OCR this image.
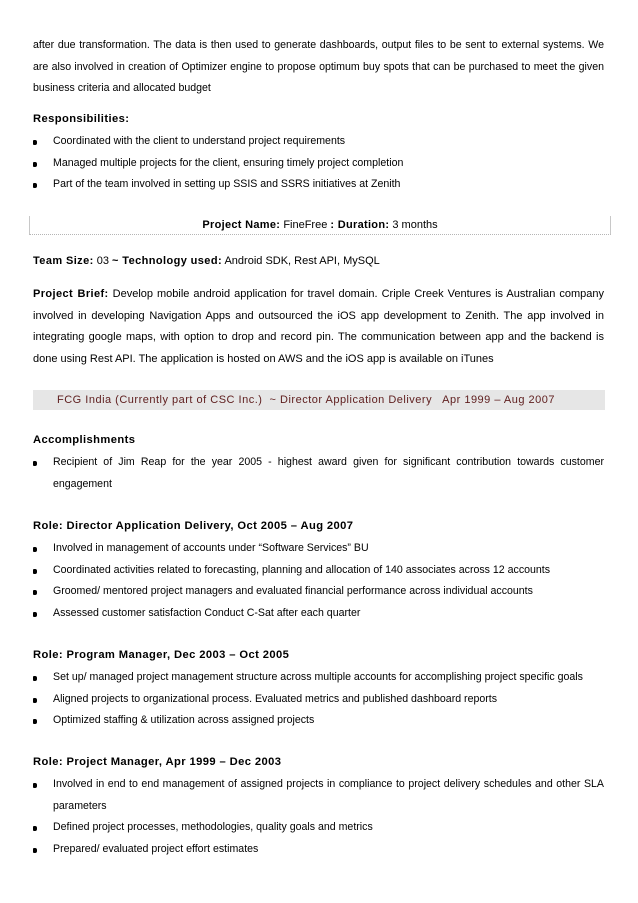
after due transformation. The data is then used to generate dashboards, output files to be sent to external systems. We are also involved in creation of Optimizer engine to propose optimum buy spots that can be purchased to meet the given business criteria and allocated budget

Responsibilities:
Coordinated with the client to understand project requirements
Managed multiple projects for the client, ensuring timely project completion
Part of the team involved in setting up SSIS and SSRS initiatives at Zenith
Project Name: FineFree : Duration: 3 months
Team Size: 03 ~ Technology used: Android SDK, Rest API, MySQL

Project Brief: Develop mobile android application for travel domain. Criple Creek Ventures is Australian company involved in developing Navigation Apps and outsourced the iOS app development to Zenith. The app involved in integrating google maps, with option to drop and record pin. The communication between app and the backend is done using Rest API. The application is hosted on AWS and the iOS app is available on iTunes

FCG India (Currently part of CSC Inc.)  ~ Director Application Delivery   Apr 1999 – Aug 2007
Accomplishments
Recipient of Jim Reap for the year 2005 - highest award given for significant contribution towards customer engagement
Role: Director Application Delivery, Oct 2005 – Aug 2007
Involved in management of accounts under “Software Services” BU
Coordinated activities related to forecasting, planning and allocation of 140 associates across 12 accounts
Groomed/ mentored project managers and evaluated financial performance across individual accounts
Assessed customer satisfaction Conduct C-Sat after each quarter
Role: Program Manager, Dec 2003 – Oct 2005
Set up/ managed project management structure across multiple accounts for accomplishing project specific goals
Aligned projects to organizational process. Evaluated metrics and published dashboard reports
Optimized staffing & utilization across assigned projects
Role: Project Manager, Apr 1999 – Dec 2003
Involved in end to end management of assigned projects in compliance to project delivery schedules and other SLA parameters
Defined project processes, methodologies, quality goals and metrics
Prepared/ evaluated project effort estimates
